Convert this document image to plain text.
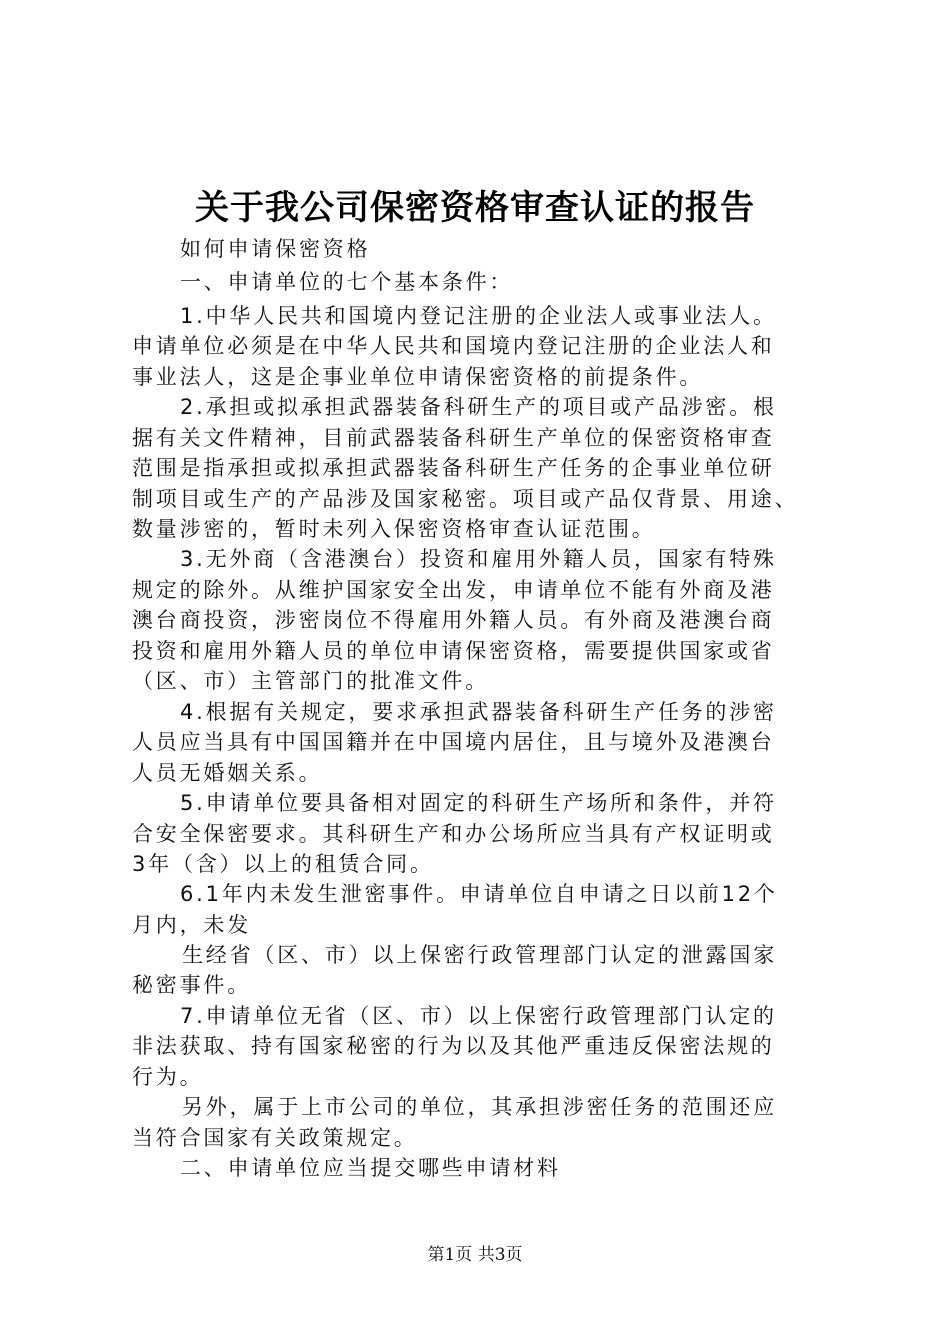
关于我公司保密资格审查认证的报告
如何申请保密资格
一、申请单位的七个基本条件：
1.中华人民共和国境内登记注册的企业法人或事业法人。
申请单位必须是在中华人民共和国境内登记注册的企业法人和
事业法人，这是企事业单位申请保密资格的前提条件。
2.承担或拟承担武器装备科研生产的项目或产品涉密。根
据有关文件精神，目前武器装备科研生产单位的保密资格审查
范围是指承担或拟承担武器装备科研生产任务的企事业单位研
制项目或生产的产品涉及国家秘密。项目或产品仅背景、用途、
数量涉密的，暂时未列入保密资格审查认证范围。
3.无外商（含港澳台）投资和雇用外籍人员，国家有特殊
规定的除外。从维护国家安全出发，申请单位不能有外商及港
澳台商投资，涉密岗位不得雇用外籍人员。有外商及港澳台商
投资和雇用外籍人员的单位申请保密资格，需要提供国家或省
（区、市）主管部门的批准文件。
4.根据有关规定，要求承担武器装备科研生产任务的涉密
人员应当具有中国国籍并在中国境内居住，且与境外及港澳台
人员无婚姻关系。
5.申请单位要具备相对固定的科研生产场所和条件，并符
合安全保密要求。其科研生产和办公场所应当具有产权证明或
3年（含）以上的租赁合同。
6.1年内未发生泄密事件。申请单位自申请之日以前12个
月内，未发
生经省（区、市）以上保密行政管理部门认定的泄露国家
秘密事件。
7.申请单位无省（区、市）以上保密行政管理部门认定的
非法获取、持有国家秘密的行为以及其他严重违反保密法规的
行为。
另外，属于上市公司的单位，其承担涉密任务的范围还应
当符合国家有关政策规定。
二、申请单位应当提交哪些申请材料
第1页 共3页
